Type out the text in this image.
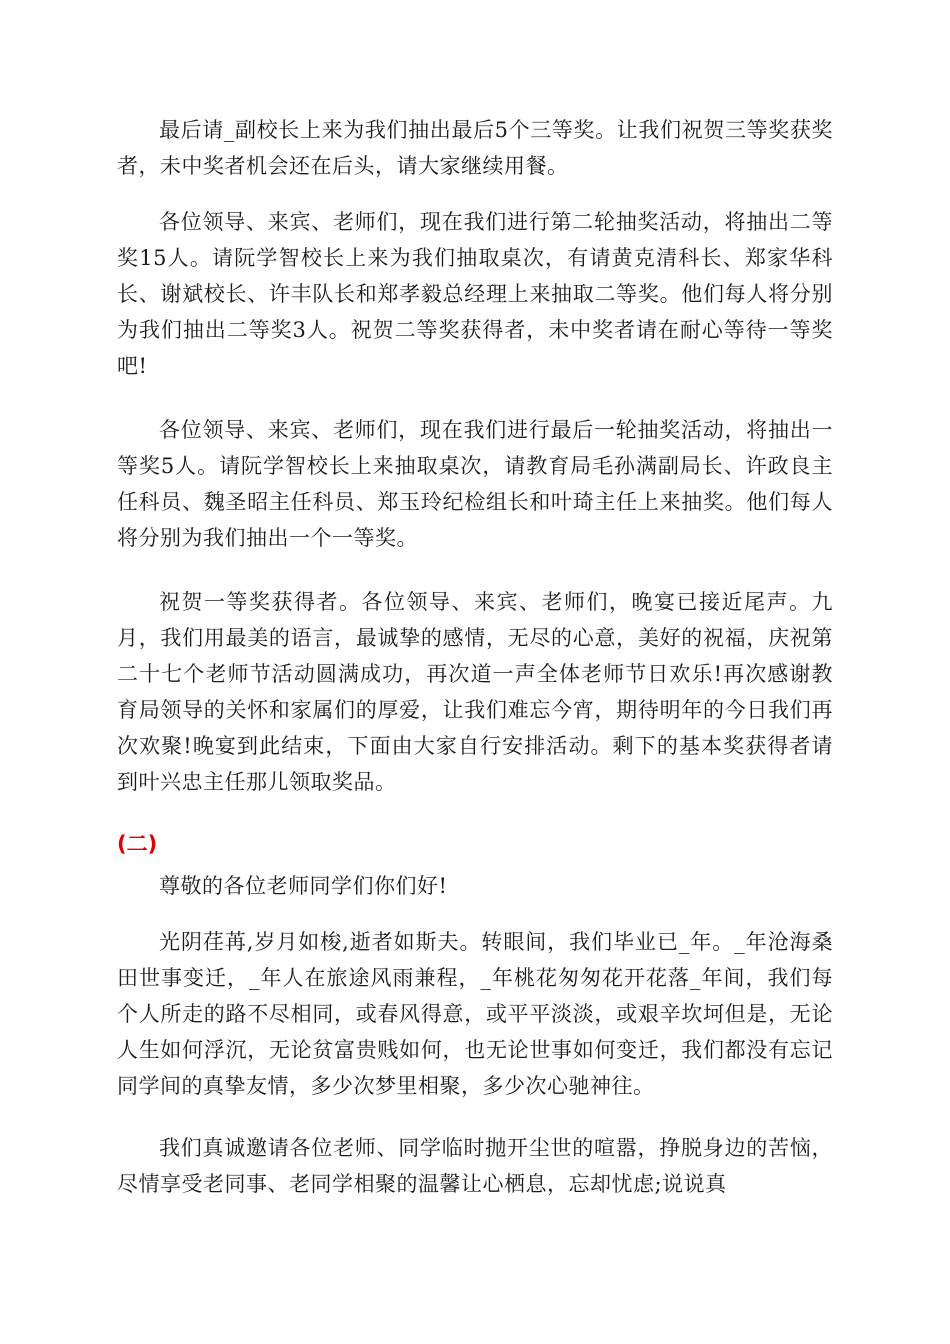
最后请_副校长上来为我们抽出最后5个三等奖。让我们祝贺三等奖获奖者，未中奖者机会还在后头，请大家继续用餐。

各位领导、来宾、老师们，现在我们进行第二轮抽奖活动，将抽出二等奖15人。请阮学智校长上来为我们抽取桌次，有请黄克清科长、郑家华科长、谢斌校长、许丰队长和郑孝毅总经理上来抽取二等奖。他们每人将分别为我们抽出二等奖3人。祝贺二等奖获得者，未中奖者请在耐心等待一等奖吧!

各位领导、来宾、老师们，现在我们进行最后一轮抽奖活动，将抽出一等奖5人。请阮学智校长上来抽取桌次，请教育局毛孙满副局长、许政良主任科员、魏圣昭主任科员、郑玉玲纪检组长和叶琦主任上来抽奖。他们每人将分别为我们抽出一个一等奖。

祝贺一等奖获得者。各位领导、来宾、老师们，晚宴已接近尾声。九月，我们用最美的语言，最诚挚的感情，无尽的心意，美好的祝福，庆祝第二十七个老师节活动圆满成功，再次道一声全体老师节日欢乐!再次感谢教育局领导的关怀和家属们的厚爱，让我们难忘今宵，期待明年的今日我们再次欢聚!晚宴到此结束，下面由大家自行安排活动。剩下的基本奖获得者请到叶兴忠主任那儿领取奖品。

(二)

尊敬的各位老师同学们你们好!

光阴荏苒,岁月如梭,逝者如斯夫。转眼间，我们毕业已_年。_年沧海桑田世事变迁，_年人在旅途风雨兼程，_年桃花匆匆花开花落_年间，我们每个人所走的路不尽相同，或春风得意，或平平淡淡，或艰辛坎坷但是，无论人生如何浮沉，无论贫富贵贱如何，也无论世事如何变迁，我们都没有忘记同学间的真挚友情，多少次梦里相聚，多少次心驰神往。

我们真诚邀请各位老师、同学临时抛开尘世的喧嚣，挣脱身边的苦恼，尽情享受老同事、老同学相聚的温馨让心栖息，忘却忧虑;说说真
